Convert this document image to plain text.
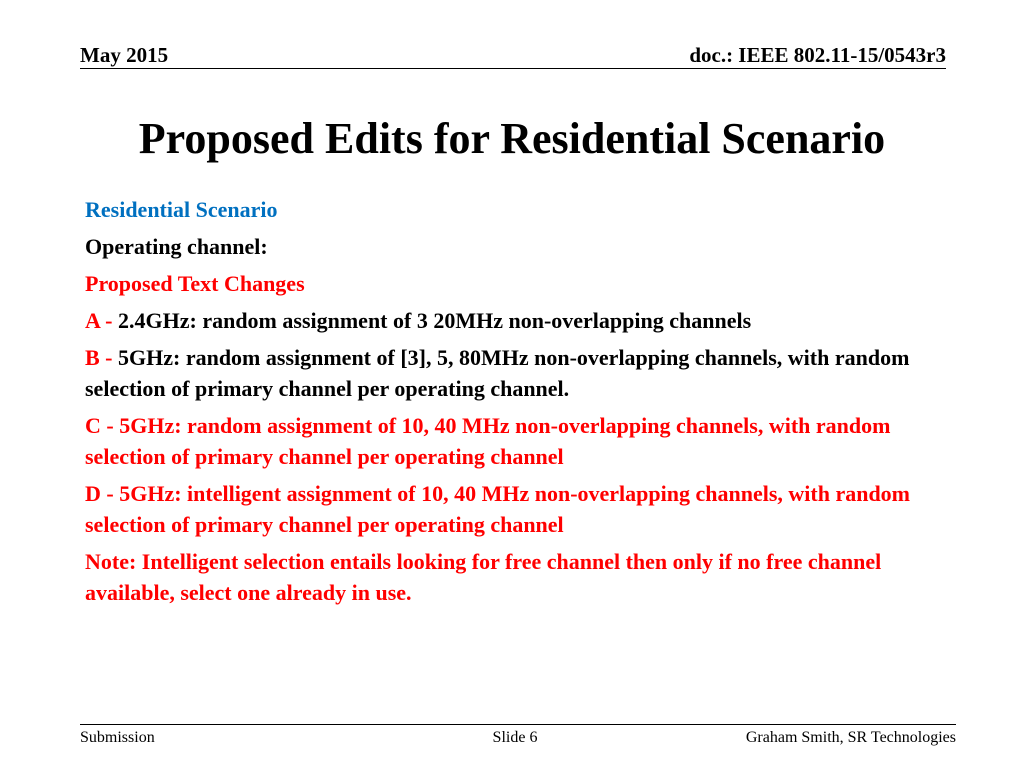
May 2015	doc.: IEEE 802.11-15/0543r3
Proposed Edits for Residential Scenario

Residential Scenario

Operating channel:

Proposed Text Changes

A - 2.4GHz: random assignment of 3 20MHz non-overlapping channels

B - 5GHz: random assignment of [3], 5, 80MHz non-overlapping channels, with random selection of primary channel per operating channel.

C - 5GHz: random assignment of 10, 40 MHz non-overlapping channels, with random selection of primary channel per operating channel

D - 5GHz: intelligent assignment of 10, 40 MHz non-overlapping channels, with random selection of primary channel per operating channel

Note: Intelligent selection entails looking for free channel then only if no free channel available, select one already in use.

Submission	Slide 6	Graham Smith, SR Technologies
